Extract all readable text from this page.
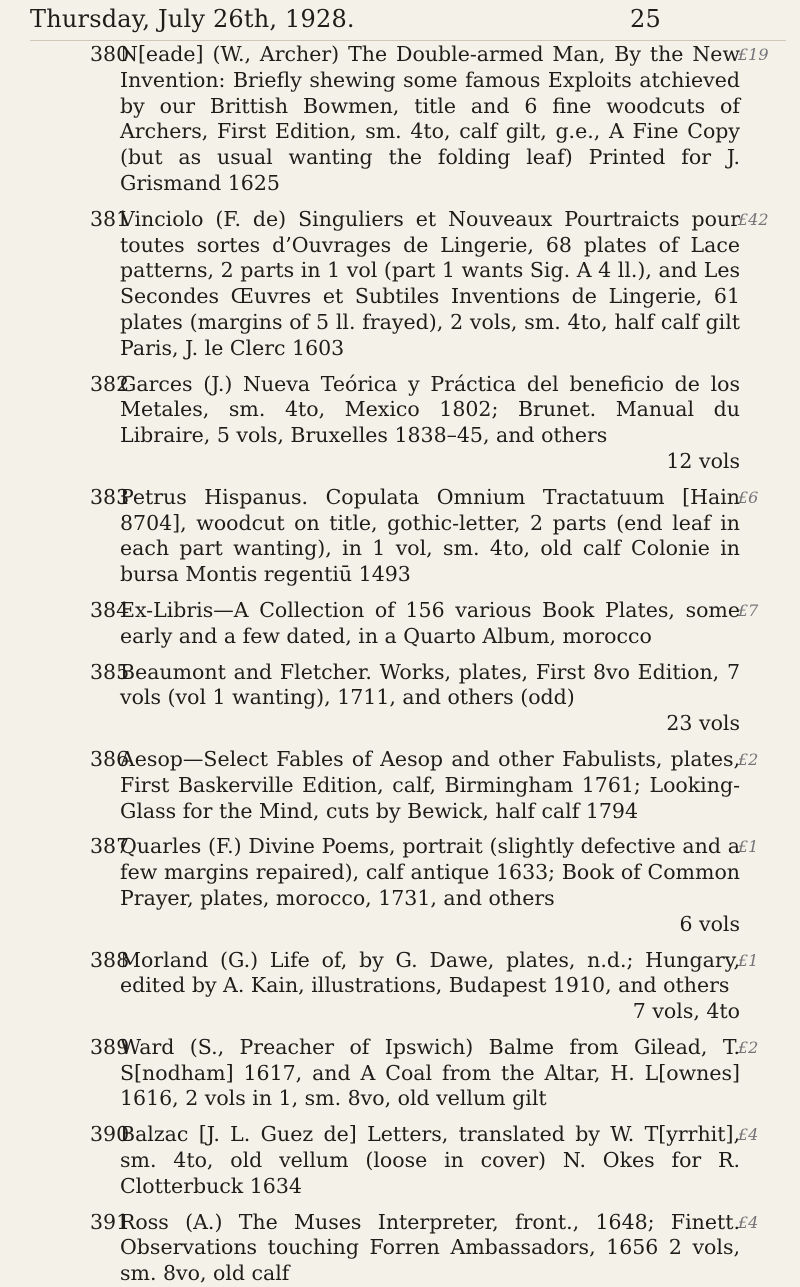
Thursday, July 26th, 1928.	25
380
N[eade] (W., Archer) The Double-armed Man, By the New Invention: Briefly shewing some famous Exploits atchieved by our Brittish Bowmen, title and 6 fine woodcuts of Archers, First Edition, sm. 4to, calf gilt, g.e., A Fine Copy (but as usual wanting the folding leaf) Printed for J. Grismand 1625
£19
381
Vinciolo (F. de) Singuliers et Nouveaux Pourtraicts pour toutes sortes d’Ouvrages de Lingerie, 68 plates of Lace patterns, 2 parts in 1 vol (part 1 wants Sig. A 4 ll.), and Les Secondes Œuvres et Subtiles Inventions de Lingerie, 61 plates (margins of 5 ll. frayed), 2 vols, sm. 4to, half calf gilt Paris, J. le Clerc 1603
£42
382
Garces (J.) Nueva Teórica y Práctica del beneficio de los Metales, sm. 4to, Mexico 1802; Brunet. Manual du Libraire, 5 vols, Bruxelles 1838–45, and others
12 vols
383
Petrus Hispanus. Copulata Omnium Tractatuum [Hain 8704], woodcut on title, gothic-letter, 2 parts (end leaf in each part wanting), in 1 vol, sm. 4to, old calf Colonie in bursa Montis regentiū 1493
£6
384
Ex-Libris—A Collection of 156 various Book Plates, some early and a few dated, in a Quarto Album, morocco
£7
385
Beaumont and Fletcher. Works, plates, First 8vo Edition, 7 vols (vol 1 wanting), 1711, and others (odd)
23 vols
386
Aesop—Select Fables of Aesop and other Fabulists, plates, First Baskerville Edition, calf, Birmingham 1761; Looking-Glass for the Mind, cuts by Bewick, half calf 1794
£2
387
Quarles (F.) Divine Poems, portrait (slightly defective and a few margins repaired), calf antique 1633; Book of Common Prayer, plates, morocco, 1731, and others
6 vols
£1
388
Morland (G.) Life of, by G. Dawe, plates, n.d.; Hungary, edited by A. Kain, illustrations, Budapest 1910, and others
7 vols, 4to
£1
389
Ward (S., Preacher of Ipswich) Balme from Gilead, T. S[nodham] 1617, and A Coal from the Altar, H. L[ownes] 1616, 2 vols in 1, sm. 8vo, old vellum gilt
£2
390
Balzac [J. L. Guez de] Letters, translated by W. T[yrrhit], sm. 4to, old vellum (loose in cover) N. Okes for R. Clotterbuck 1634
£4
391
Ross (A.) The Muses Interpreter, front., 1648; Finett. Observations touching Forren Ambassadors, 1656 2 vols, sm. 8vo, old calf
£4
